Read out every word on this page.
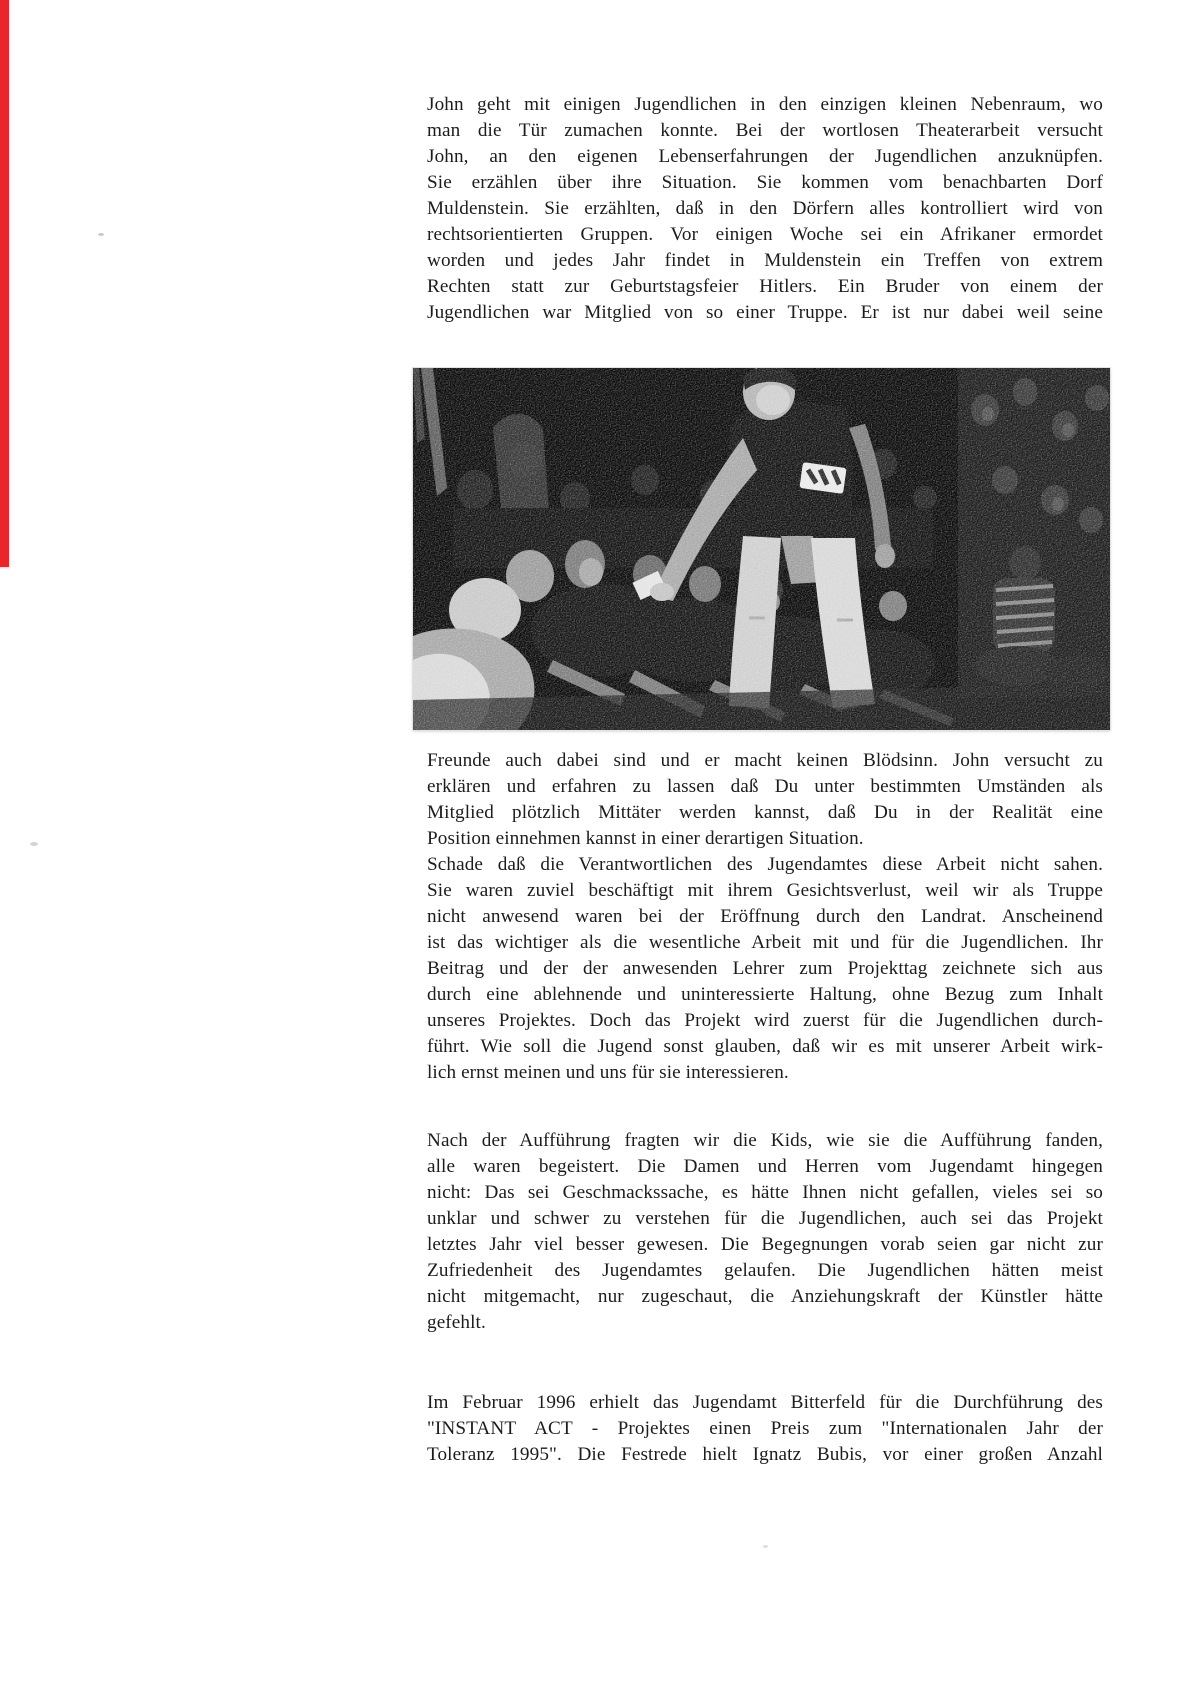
John geht mit einigen Jugendlichen in den einzigen kleinen Nebenraum, wo
man die Tür zumachen konnte. Bei der wortlosen Theaterarbeit versucht
John, an den eigenen Lebenserfahrungen der Jugendlichen anzuknüpfen.
Sie erzählen über ihre Situation. Sie kommen vom benachbarten Dorf
Muldenstein. Sie erzählten, daß in den Dörfern alles kontrolliert wird von
rechtsorientierten Gruppen. Vor einigen Woche sei ein Afrikaner ermordet
worden und jedes Jahr findet in Muldenstein ein Treffen von extrem
Rechten statt zur Geburtstagsfeier Hitlers. Ein Bruder von einem der
Jugendlichen war Mitglied von so einer Truppe. Er ist nur dabei weil seine
Freunde auch dabei sind und er macht keinen Blödsinn. John versucht zu
erklären und erfahren zu lassen daß Du unter bestimmten Umständen als
Mitglied plötzlich Mittäter werden kannst, daß Du in der Realität eine
Position einnehmen kannst in einer derartigen Situation.
Schade daß die Verantwortlichen des Jugendamtes diese Arbeit nicht sahen.
Sie waren zuviel beschäftigt mit ihrem Gesichtsverlust, weil wir als Truppe
nicht anwesend waren bei der Eröffnung durch den Landrat. Anscheinend
ist das wichtiger als die wesentliche Arbeit mit und für die Jugendlichen. Ihr
Beitrag und der der anwesenden Lehrer zum Projekttag zeichnete sich aus
durch eine ablehnende und uninteressierte Haltung, ohne Bezug zum Inhalt
unseres Projektes. Doch das Projekt wird zuerst für die Jugendlichen durch-
führt. Wie soll die Jugend sonst glauben, daß wir es mit unserer Arbeit wirk-
lich ernst meinen und uns für sie interessieren.
Nach der Aufführung fragten wir die Kids, wie sie die Aufführung fanden,
alle waren begeistert. Die Damen und Herren vom Jugendamt hingegen
nicht: Das sei Geschmackssache, es hätte Ihnen nicht gefallen, vieles sei so
unklar und schwer zu verstehen für die Jugendlichen, auch sei das Projekt
letztes Jahr viel besser gewesen. Die Begegnungen vorab seien gar nicht zur
Zufriedenheit des Jugendamtes gelaufen. Die Jugendlichen hätten meist
nicht mitgemacht, nur zugeschaut, die Anziehungskraft der Künstler hätte
gefehlt.
Im Februar 1996 erhielt das Jugendamt Bitterfeld für die Durchführung des
"INSTANT ACT - Projektes einen Preis zum "Internationalen Jahr der
Toleranz 1995". Die Festrede hielt Ignatz Bubis, vor einer großen Anzahl
